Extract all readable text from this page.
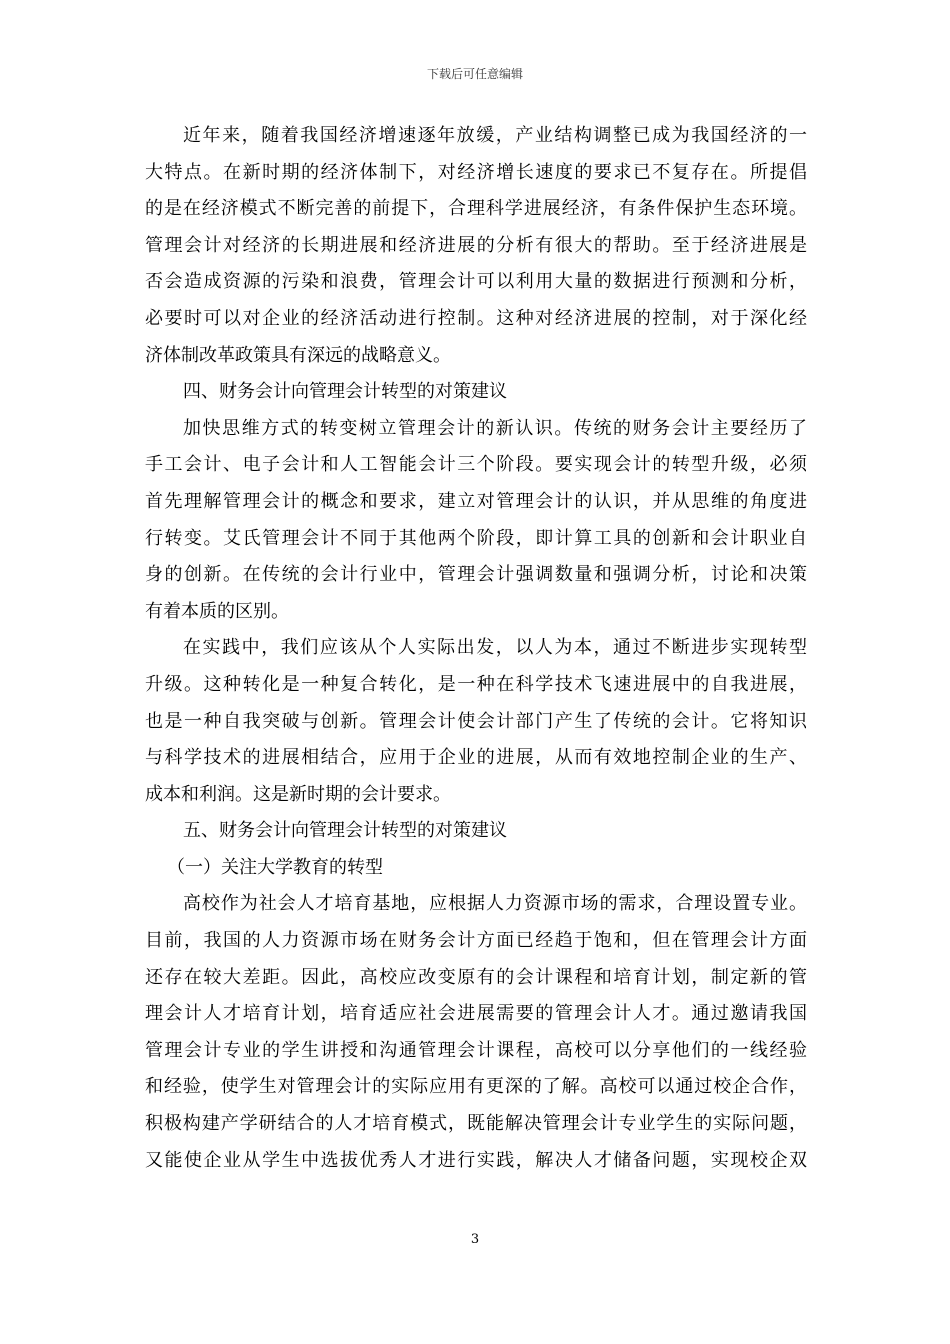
下载后可任意编辑
近年来，随着我国经济增速逐年放缓，产业结构调整已成为我国经济的一
大特点。在新时期的经济体制下，对经济增长速度的要求已不复存在。所提倡
的是在经济模式不断完善的前提下，合理科学进展经济，有条件保护生态环境。
管理会计对经济的长期进展和经济进展的分析有很大的帮助。至于经济进展是
否会造成资源的污染和浪费，管理会计可以利用大量的数据进行预测和分析，
必要时可以对企业的经济活动进行控制。这种对经济进展的控制，对于深化经
济体制改革政策具有深远的战略意义。
四、财务会计向管理会计转型的对策建议
加快思维方式的转变树立管理会计的新认识。传统的财务会计主要经历了
手工会计、电子会计和人工智能会计三个阶段。要实现会计的转型升级，必须
首先理解管理会计的概念和要求，建立对管理会计的认识，并从思维的角度进
行转变。艾氏管理会计不同于其他两个阶段，即计算工具的创新和会计职业自
身的创新。在传统的会计行业中，管理会计强调数量和强调分析，讨论和决策
有着本质的区别。
在实践中，我们应该从个人实际出发，以人为本，通过不断进步实现转型
升级。这种转化是一种复合转化，是一种在科学技术飞速进展中的自我进展，
也是一种自我突破与创新。管理会计使会计部门产生了传统的会计。它将知识
与科学技术的进展相结合，应用于企业的进展，从而有效地控制企业的生产、
成本和利润。这是新时期的会计要求。
五、财务会计向管理会计转型的对策建议
（一）关注大学教育的转型
高校作为社会人才培育基地，应根据人力资源市场的需求，合理设置专业。
目前，我国的人力资源市场在财务会计方面已经趋于饱和，但在管理会计方面
还存在较大差距。因此，高校应改变原有的会计课程和培育计划，制定新的管
理会计人才培育计划，培育适应社会进展需要的管理会计人才。通过邀请我国
管理会计专业的学生讲授和沟通管理会计课程，高校可以分享他们的一线经验
和经验，使学生对管理会计的实际应用有更深的了解。高校可以通过校企合作，
积极构建产学研结合的人才培育模式，既能解决管理会计专业学生的实际问题，
又能使企业从学生中选拔优秀人才进行实践，解决人才储备问题，实现校企双
3
